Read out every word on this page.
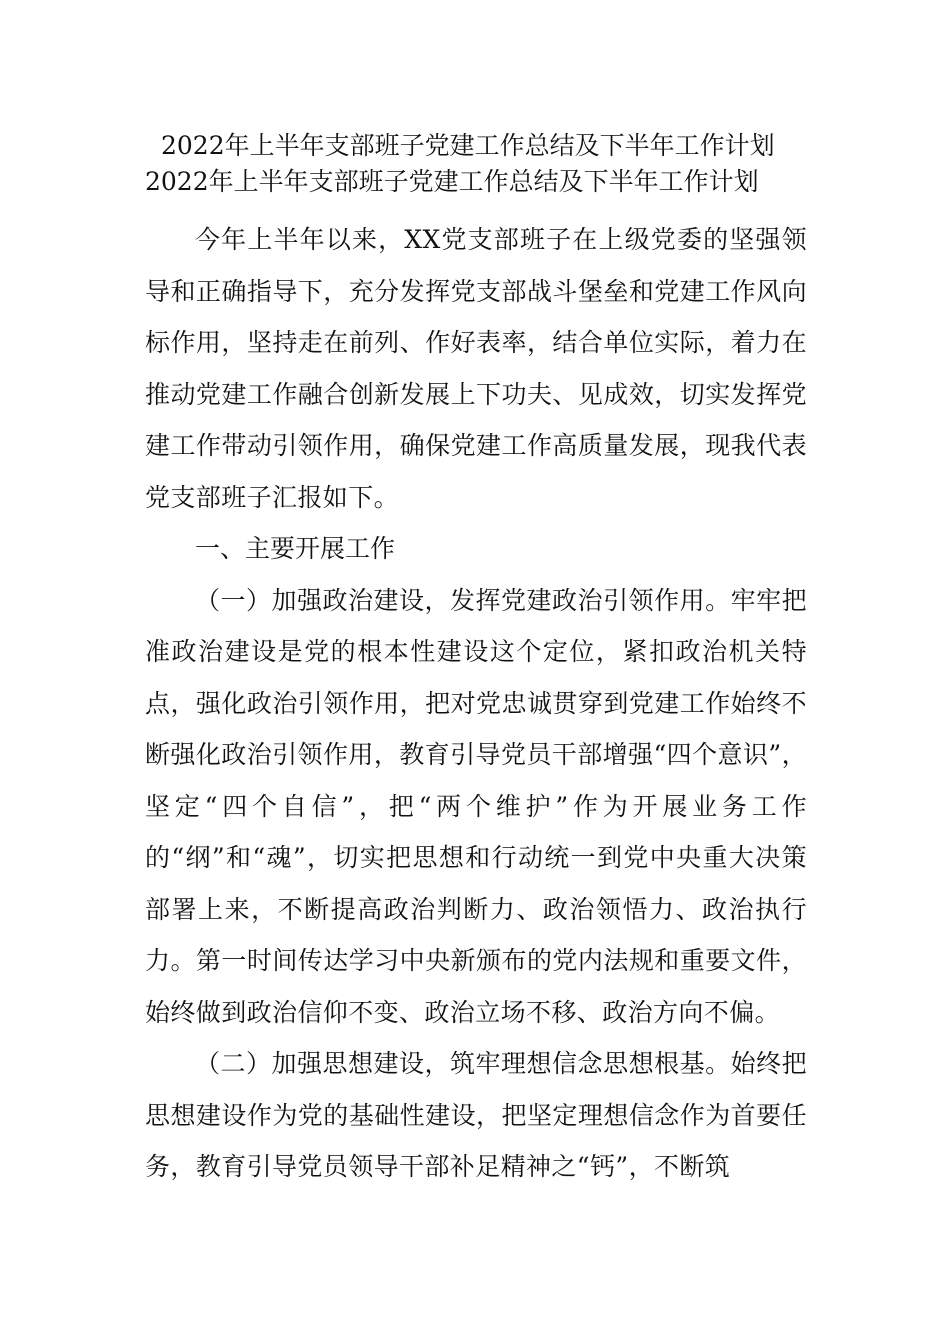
2022年上半年支部班子党建工作总结及下半年工作计划
2022年上半年支部班子党建工作总结及下半年工作计划

今年上半年以来，XX党支部班子在上级党委的坚强领导和正确指导下，充分发挥党支部战斗堡垒和党建工作风向标作用，坚持走在前列、作好表率，结合单位实际，着力在推动党建工作融合创新发展上下功夫、见成效，切实发挥党建工作带动引领作用，确保党建工作高质量发展，现我代表党支部班子汇报如下。

一、主要开展工作

（一）加强政治建设，发挥党建政治引领作用。牢牢把准政治建设是党的根本性建设这个定位，紧扣政治机关特点，强化政治引领作用，把对党忠诚贯穿到党建工作始终不断强化政治引领作用，教育引导党员干部增强“四个意识”，坚定“四个自信”，把“两个维护”作为开展业务工作的“纲”和“魂”，切实把思想和行动统一到党中央重大决策部署上来，不断提高政治判断力、政治领悟力、政治执行力。第一时间传达学习中央新颁布的党内法规和重要文件，始终做到政治信仰不变、政治立场不移、政治方向不偏。

（二）加强思想建设，筑牢理想信念思想根基。始终把思想建设作为党的基础性建设，把坚定理想信念作为首要任务，教育引导党员领导干部补足精神之“钙”，不断筑
